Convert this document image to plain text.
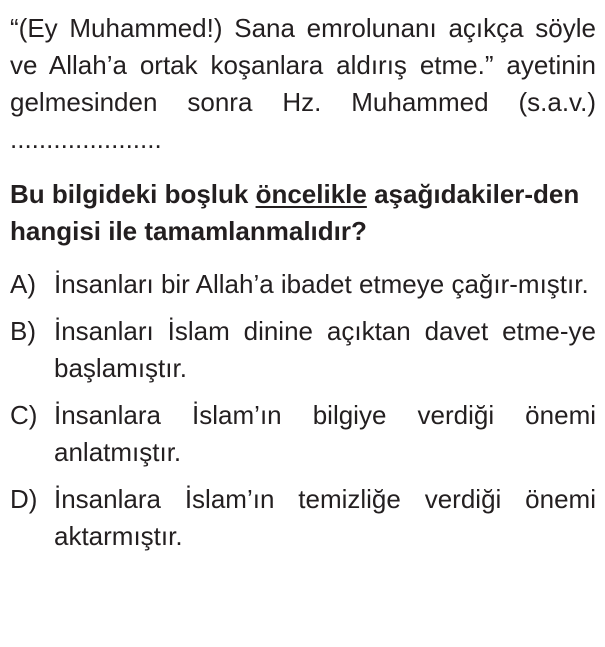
“(Ey Muhammed!) Sana emrolunanı açıkça söyle ve Allah’a ortak koşanlara aldırış etme.” ayetinin gelmesinden sonra Hz. Muhammed (s.a.v.) .....................

Bu bilgideki boşluk öncelikle aşağıdakiler-den hangisi ile tamamlanmalıdır?

A) İnsanları bir Allah’a ibadet etmeye çağır-mıştır.
B) İnsanları İslam dinine açıktan davet etme-ye başlamıştır.
C) İnsanlara İslam’ın bilgiye verdiği önemi anlatmıştır.
D) İnsanlara İslam’ın temizliğe verdiği önemi aktarmıştır.
